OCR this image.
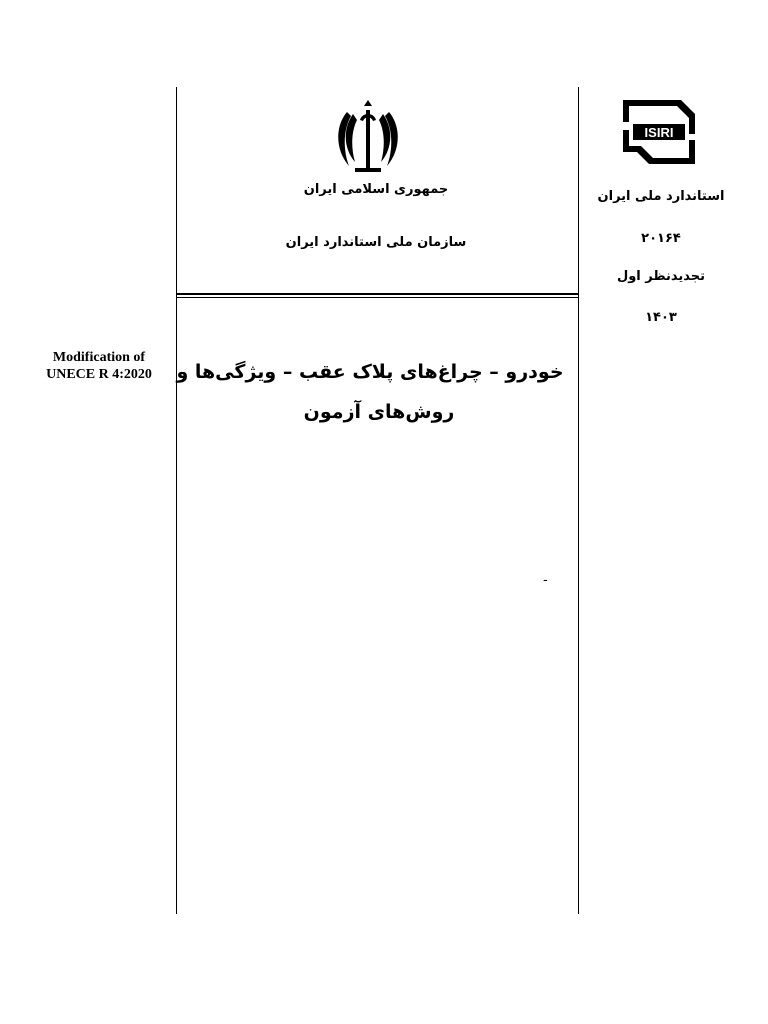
ISIRI
جمهوری اسلامی ایران
سازمان ملی استاندارد ایران
استاندارد ملی ایران
۲۰۱۶۴
تجدیدنظر اول
۱۴۰۳
خودرو – چراغ‌های پلاک عقب – ویژگی‌ها و
روش‌های آزمون
Modification of
UNECE R 4:2020
-
